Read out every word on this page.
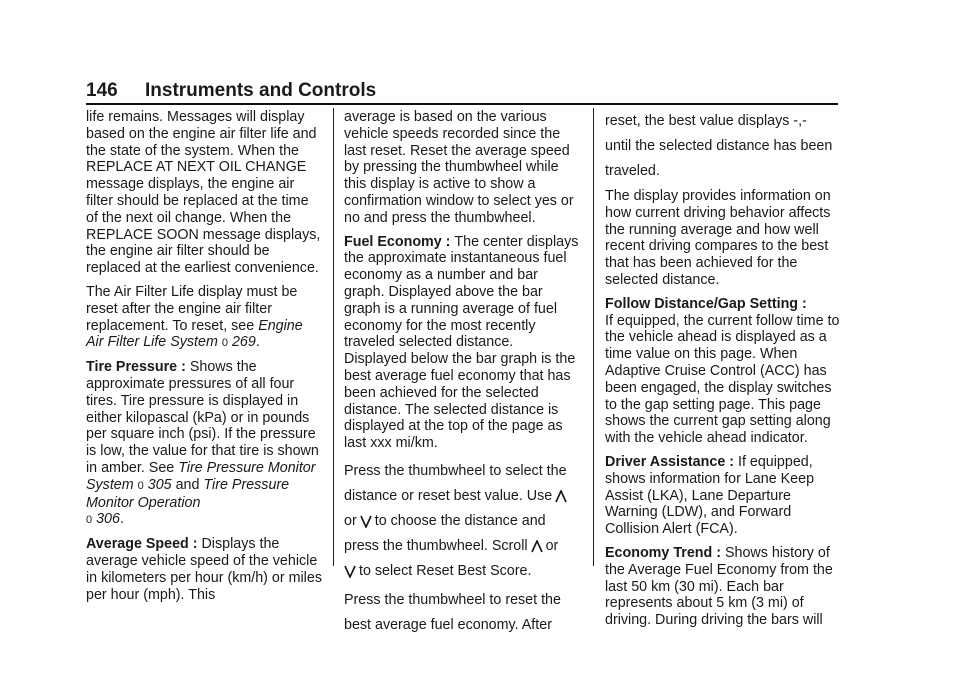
146 Instruments and Controls

life remains. Messages will display based on the engine air filter life and the state of the system. When the REPLACE AT NEXT OIL CHANGE message displays, the engine air filter should be replaced at the time of the next oil change. When the REPLACE SOON message displays, the engine air filter should be replaced at the earliest convenience.

The Air Filter Life display must be reset after the engine air filter replacement. To reset, see Engine Air Filter Life System 0 269.

Tire Pressure : Shows the approximate pressures of all four tires. Tire pressure is displayed in either kilopascal (kPa) or in pounds per square inch (psi). If the pressure is low, the value for that tire is shown in amber. See Tire Pressure Monitor System 0 305 and Tire Pressure Monitor Operation
0 306.

Average Speed : Displays the average vehicle speed of the vehicle in kilometers per hour (km/h) or miles per hour (mph). This

average is based on the various vehicle speeds recorded since the last reset. Reset the average speed by pressing the thumbwheel while this display is active to show a confirmation window to select yes or no and press the thumbwheel.

Fuel Economy : The center displays the approximate instantaneous fuel economy as a number and bar graph. Displayed above the bar graph is a running average of fuel economy for the most recently traveled selected distance. Displayed below the bar graph is the best average fuel economy that has been achieved for the selected distance. The selected distance is displayed at the top of the page as last xxx mi/km.

Press the thumbwheel to select the distance or reset best value. Use
or to choose the distance and press the thumbwheel. Scroll or
to select Reset Best Score.

Press the thumbwheel to reset the best average fuel economy. After

reset, the best value displays -,-
until the selected distance has been traveled.

The display provides information on how current driving behavior affects the running average and how well recent driving compares to the best that has been achieved for the selected distance.

Follow Distance/Gap Setting :
If equipped, the current follow time to the vehicle ahead is displayed as a time value on this page. When Adaptive Cruise Control (ACC) has been engaged, the display switches to the gap setting page. This page shows the current gap setting along with the vehicle ahead indicator.

Driver Assistance : If equipped, shows information for Lane Keep Assist (LKA), Lane Departure Warning (LDW), and Forward Collision Alert (FCA).

Economy Trend : Shows history of the Average Fuel Economy from the last 50 km (30 mi). Each bar represents about 5 km (3 mi) of driving. During driving the bars will
